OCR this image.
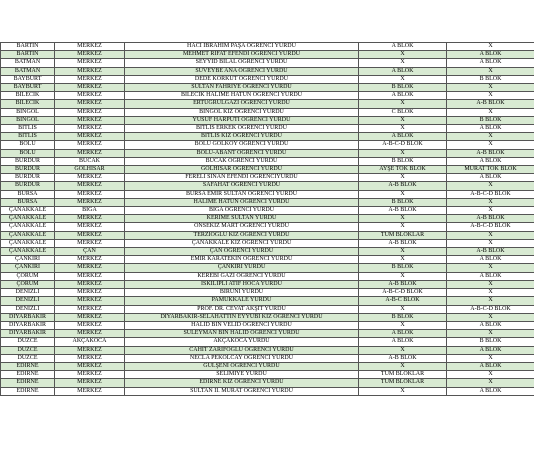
BARTIN	MERKEZ	HACI İBRAHİM PAŞA ÖĞRENCİ YURDU	A BLOK	X
BARTIN	MERKEZ	MEHMET RIFAT EFENDİ ÖĞRENCİ YURDU	X	A BLOK
BATMAN	MERKEZ	SEYYİD BİLAL ÖĞRENCİ YURDU	X	A BLOK
BATMAN	MERKEZ	SÜVEYBE ANA ÖĞRENCİ YURDU	A BLOK	X
BAYBURT	MERKEZ	DEDE KORKUT ÖĞRENCİ YURDU	X	B BLOK
BAYBURT	MERKEZ	SULTAN FAHRİYE ÖĞRENCİ YURDU	B BLOK	X
BİLECİK	MERKEZ	BİLECİK HALİME HATUN ÖĞRENCİ YURDU	A BLOK	X
BİLECİK	MERKEZ	ERTUĞRULGAZİ ÖĞRENCİ YURDU	X	A-B BLOK
BİNGÖL	MERKEZ	BİNGÖL KIZ ÖĞRENCİ YURDU	C BLOK	X
BİNGÖL	MERKEZ	YUSUF HARPUTİ ÖĞRENCİ YURDU	X	B BLOK
BİTLİS	MERKEZ	BİTLİS ERKEK ÖĞRENCİ YURDU	X	A BLOK
BİTLİS	MERKEZ	BİTLİS KIZ ÖĞRENCİ YURDU	A BLOK	X
BOLU	MERKEZ	BOLU GÖLKÖY ÖĞRENCİ YURDU	A-B-C-D BLOK	X
BOLU	MERKEZ	BOLU-ABANT ÖĞRENCİ YURDU	X	A-B BLOK
BURDUR	BUCAK	BUCAK ÖĞRENCİ YURDU	B BLOK	A BLOK
BURDUR	GÖLHİSAR	GÖLHİSAR ÖĞRENCİ YURDU	AYŞE TOK BLOK	MURAT TOK BLOK
BURDUR	MERKEZ	FERELİ SİNAN EFENDİ ÖĞRENCİYURDU	X	A BLOK
BURDUR	MERKEZ	SAFAHAT ÖĞRENCİ YURDU	A-B BLOK	X
BURSA	MERKEZ	BURSA EMİR SULTAN ÖĞRENCİ YURDU	X	A-B-C-D BLOK
BURSA	MERKEZ	HALİME HATUN ÖĞRENCİ YURDU	B BLOK	X
ÇANAKKALE	BİGA	BİGA ÖĞRENCİ YURDU	A-B BLOK	X
ÇANAKKALE	MERKEZ	KERİME SULTAN YURDU	X	A-B BLOK
ÇANAKKALE	MERKEZ	ONSEKİZ MART ÖĞRENCİ YURDU	X	A-B-C-D BLOK
ÇANAKKALE	MERKEZ	TERZİOĞLU KIZ ÖĞRENCİ YURDU	TÜM BLOKLAR	X
ÇANAKKALE	MERKEZ	ÇANAKKALE KIZ ÖĞRENCİ YURDU	A-B BLOK	X
ÇANAKKALE	ÇAN	ÇAN ÖĞRENCİ YURDU	X	A-B BLOK
ÇANKIRI	MERKEZ	EMİR KARATEKİN ÖĞRENCİ YURDU	X	A BLOK
ÇANKIRI	MERKEZ	ÇANKIRI YURDU	B BLOK	X
ÇORUM	MERKEZ	KEREBİ GAZİ ÖĞRENCİ YURDU	X	A BLOK
ÇORUM	MERKEZ	İSKİLİPLİ ATIF HOCA YURDU	A-B BLOK	X
DENİZLİ	MERKEZ	BİRUNİ YURDU	A-B-C-D BLOK	X
DENİZLİ	MERKEZ	PAMUKKALE YURDU	A-B-C BLOK	X
DENİZLİ	MERKEZ	PROF. DR. CEVAT AKŞİT YURDU	X	A-B-C-D BLOK
DİYARBAKIR	MERKEZ	DİYARBAKIR-SELAHATTİN EYYUBİ KIZ ÖĞRENCİ YURDU	B BLOK	X
DİYARBAKIR	MERKEZ	HALİD BİN VELİD ÖĞRENCİ YURDU	X	A BLOK
DİYARBAKIR	MERKEZ	SÜLEYMAN BİN HALİD ÖĞRENCİ YURDU	A BLOK	X
DÜZCE	AKÇAKOCA	AKÇAKOCA YURDU	A BLOK	B BLOK
DÜZCE	MERKEZ	CAHİT ZARİFOĞLU ÖĞRENCİ YURDU	X	A BLOK
DÜZCE	MERKEZ	NECLA PEKOLCAY ÖĞRENCİ YURDU	A-B BLOK	X
EDİRNE	MERKEZ	GÜLŞENİ ÖĞRENCİ YURDU	X	A BLOK
EDİRNE	MERKEZ	SELİMİYE YURDU	TÜM BLOKLAR	X
EDİRNE	MERKEZ	EDİRNE KIZ ÖĞRENCİ YURDU	TÜM BLOKLAR	X
EDİRNE	MERKEZ	SULTAN II. MURAT ÖĞRENCİ YURDU	X	A BLOK
